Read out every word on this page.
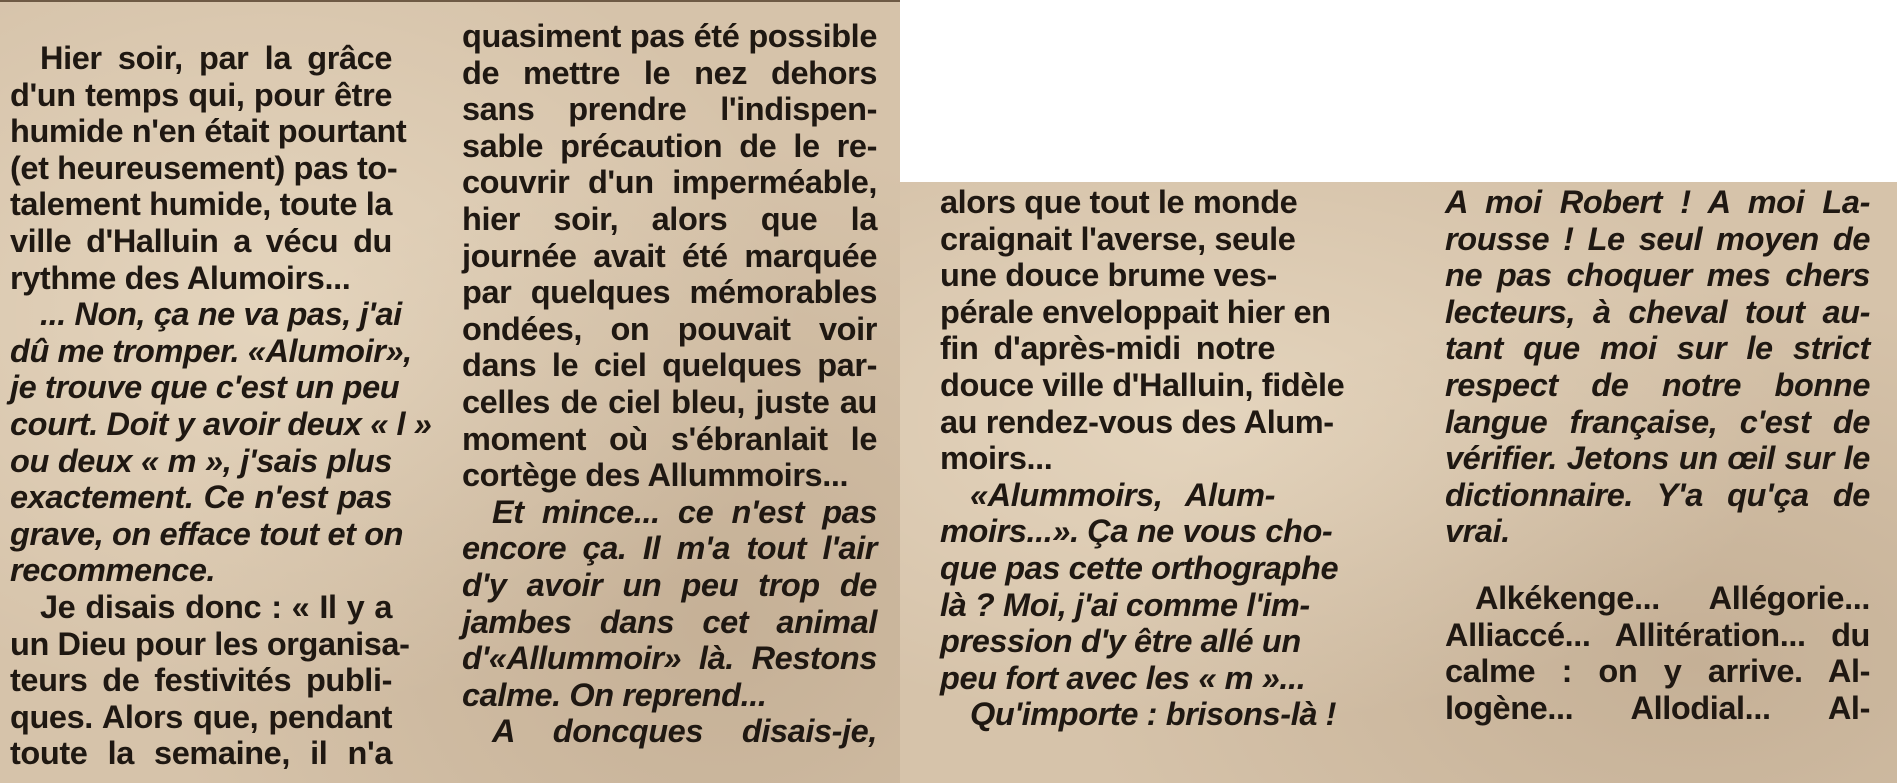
Hier soir, par la grâce
d'un temps qui, pour être
humide n'en était pourtant
(et heureusement) pas to-
talement humide, toute la
ville d'Halluin a vécu du
rythme des Alumoirs...
... Non, ça ne va pas, j'ai
dû me tromper. «Alumoir»,
je trouve que c'est un peu
court. Doit y avoir deux « l »
ou deux « m », j'sais plus
exactement. Ce n'est pas
grave, on efface tout et on
recommence.
Je disais donc : « Il y a
un Dieu pour les organisa-
teurs de festivités publi-
ques. Alors que, pendant
toute la semaine, il n'a
quasiment pas été possible
de mettre le nez dehors
sans prendre l'indispen-
sable précaution de le re-
couvrir d'un imperméable,
hier soir, alors que la
journée avait été marquée
par quelques mémorables
ondées, on pouvait voir
dans le ciel quelques par-
celles de ciel bleu, juste au
moment où s'ébranlait le
cortège des Allummoirs...
Et mince... ce n'est pas
encore ça. Il m'a tout l'air
d'y avoir un peu trop de
jambes dans cet animal
d'«Allummoir» là. Restons
calme. On reprend...
A doncques disais-je,
alors que tout le monde
craignait l'averse, seule
une douce brume ves-
pérale enveloppait hier en
fin d'après-midi notre
douce ville d'Halluin, fidèle
au rendez-vous des Alum-
moirs...
«Alummoirs, Alum-
moirs...». Ça ne vous cho-
que pas cette orthographe
là ? Moi, j'ai comme l'im-
pression d'y être allé un
peu fort avec les « m »...
Qu'importe : brisons-là !
A moi Robert ! A moi La-
rousse ! Le seul moyen de
ne pas choquer mes chers
lecteurs, à cheval tout au-
tant que moi sur le strict
respect de notre bonne
langue française, c'est de
vérifier. Jetons un œil sur le
dictionnaire. Y'a qu'ça de
vrai.
Alkékenge... Allégorie...
Alliaccé... Allitération... du
calme : on y arrive. Al-
logène... Allodial... Al-
